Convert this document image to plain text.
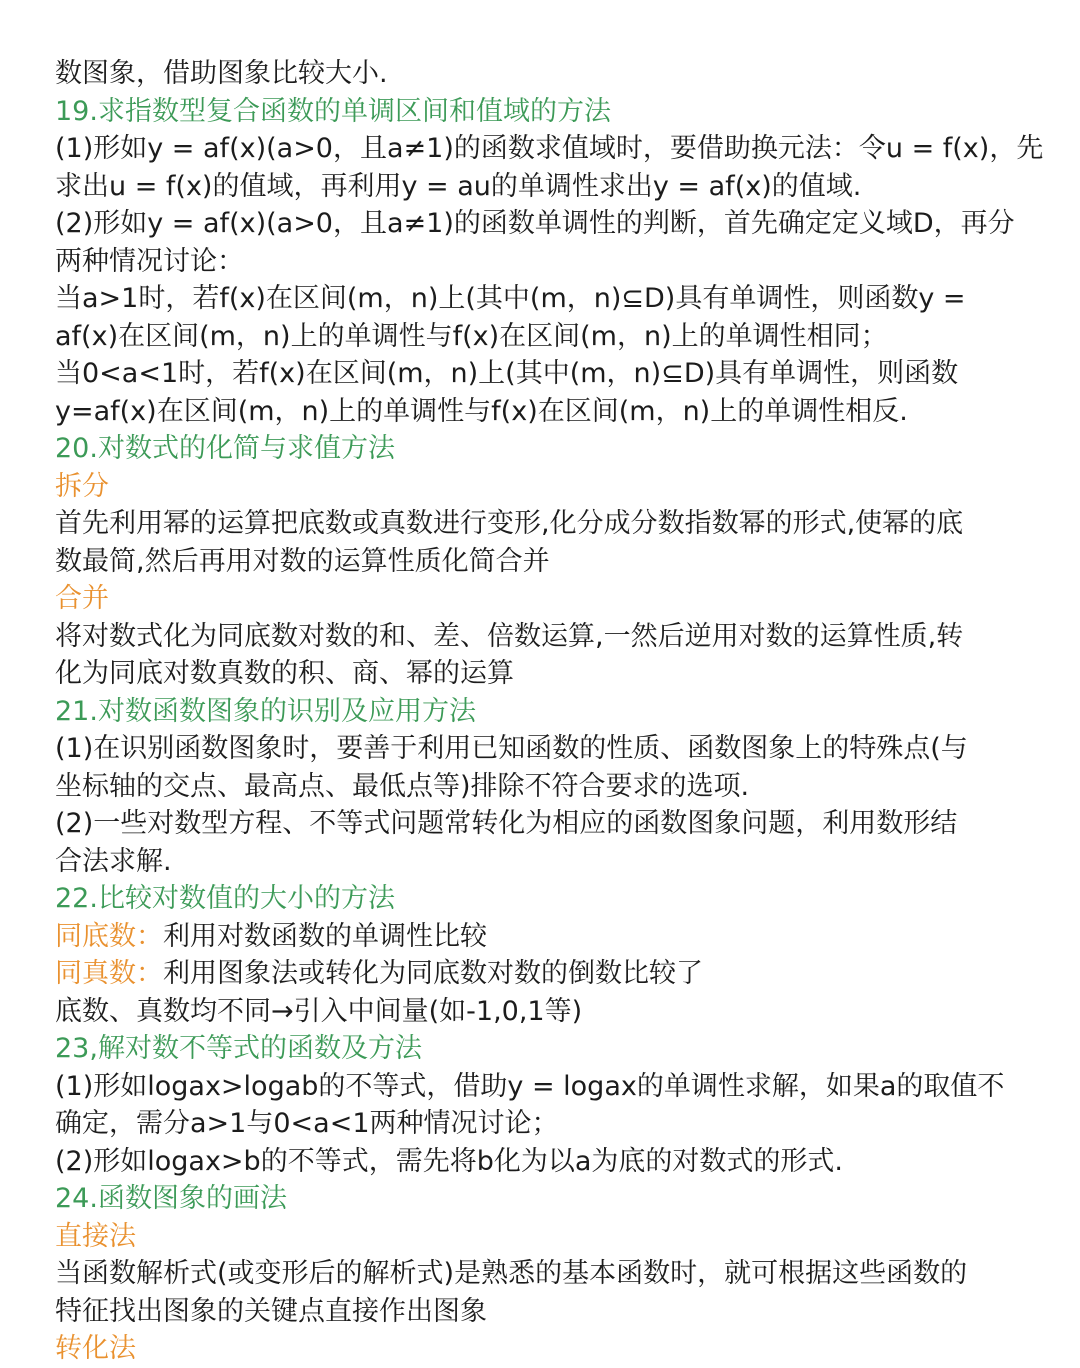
数图象，借助图象比较大小.
19.求指数型复合函数的单调区间和值域的方法
(1)形如y = af(x)(a>0，且a≠1)的函数求值域时，要借助换元法：令u = f(x)，先
求出u = f(x)的值域，再利用y = au的单调性求出y = af(x)的值域.
(2)形如y = af(x)(a>0，且a≠1)的函数单调性的判断，首先确定定义域D，再分
两种情况讨论：
当a>1时，若f(x)在区间(m，n)上(其中(m，n)⊆D)具有单调性，则函数y =
af(x)在区间(m，n)上的单调性与f(x)在区间(m，n)上的单调性相同；
当0<a<1时，若f(x)在区间(m，n)上(其中(m，n)⊆D)具有单调性，则函数
y=af(x)在区间(m，n)上的单调性与f(x)在区间(m，n)上的单调性相反.
20.对数式的化简与求值方法
拆分
首先利用幂的运算把底数或真数进行变形,化分成分数指数幂的形式,使幂的底
数最简,然后再用对数的运算性质化简合并
合并
将对数式化为同底数对数的和、差、倍数运算,一然后逆用对数的运算性质,转
化为同底对数真数的积、商、幂的运算
21.对数函数图象的识别及应用方法
(1)在识别函数图象时，要善于利用已知函数的性质、函数图象上的特殊点(与
坐标轴的交点、最高点、最低点等)排除不符合要求的选项.
(2)一些对数型方程、不等式问题常转化为相应的函数图象问题，利用数形结
合法求解.
22.比较对数值的大小的方法
同底数：利用对数函数的单调性比较
同真数：利用图象法或转化为同底数对数的倒数比较了
底数、真数均不同→引入中间量(如-1,0,1等)
23,解对数不等式的函数及方法
(1)形如logax>logab的不等式，借助y = logax的单调性求解，如果a的取值不
确定，需分a>1与0<a<1两种情况讨论；
(2)形如logax>b的不等式，需先将b化为以a为底的对数式的形式.
24.函数图象的画法
直接法
当函数解析式(或变形后的解析式)是熟悉的基本函数时，就可根据这些函数的
特征找出图象的关键点直接作出图象
转化法
